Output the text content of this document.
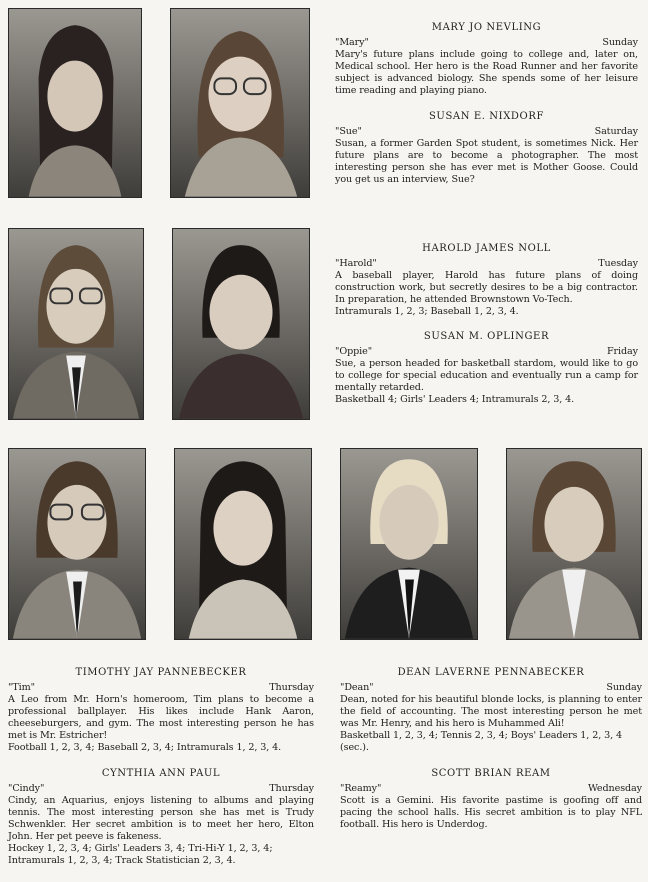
MARY JO NEVLING
"Mary"	Sunday
Mary's future plans include going to college and, later on, Medical school. Her hero is the Road Runner and her favorite subject is advanced biology. She spends some of her leisure time reading and playing piano.
SUSAN E. NIXDORF
"Sue"	Saturday
Susan, a former Garden Spot student, is sometimes Nick. Her future plans are to become a photographer. The most interesting person she has ever met is Mother Goose. Could you get us an interview, Sue?
HAROLD JAMES NOLL
"Harold"	Tuesday
A baseball player, Harold has future plans of doing construction work, but secretly desires to be a big contractor. In preparation, he attended Brownstown Vo-Tech.
Intramurals 1, 2, 3; Baseball 1, 2, 3, 4.
SUSAN M. OPLINGER
"Oppie"	Friday
Sue, a person headed for basketball stardom, would like to go to college for special education and eventually run a camp for mentally retarded.
Basketball 4; Girls' Leaders 4; Intramurals 2, 3, 4.
TIMOTHY JAY PANNEBECKER
"Tim"	Thursday
A Leo from Mr. Horn's homeroom, Tim plans to become a professional ballplayer. His likes include Hank Aaron, cheeseburgers, and gym. The most interesting person he has met is Mr. Estricher!
Football 1, 2, 3, 4; Baseball 2, 3, 4; Intramurals 1, 2, 3, 4.
CYNTHIA ANN PAUL
"Cindy"	Thursday
Cindy, an Aquarius, enjoys listening to albums and playing tennis. The most interesting person she has met is Trudy Schwenkler. Her secret ambition is to meet her hero, Elton John. Her pet peeve is fakeness.
Hockey 1, 2, 3, 4; Girls' Leaders 3, 4; Tri-Hi-Y 1, 2, 3, 4; Intramurals 1, 2, 3, 4; Track Statistician 2, 3, 4.
DEAN LAVERNE PENNABECKER
"Dean"	Sunday
Dean, noted for his beautiful blonde locks, is planning to enter the field of accounting. The most interesting person he met was Mr. Henry, and his hero is Muhammed Ali!
Basketball 1, 2, 3, 4; Tennis 2, 3, 4; Boys' Leaders 1, 2, 3, 4 (sec.).
SCOTT BRIAN REAM
"Reamy"	Wednesday
Scott is a Gemini. His favorite pastime is goofing off and pacing the school halls. His secret ambition is to play NFL football. His hero is Underdog.
